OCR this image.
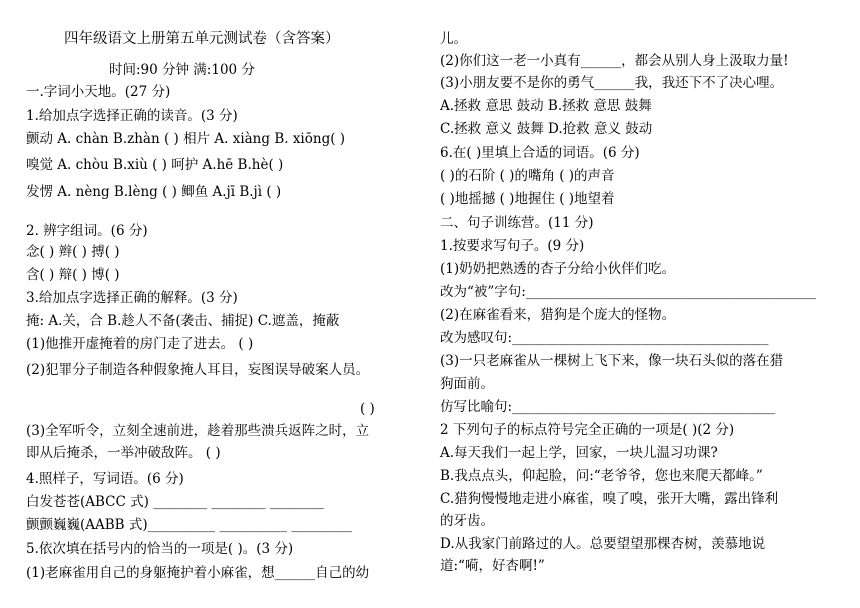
四年级语文上册第五单元测试卷（含答案）
时间:90 分钟 满:100 分
一.字词小天地。(27 分)
1.给加点字选择正确的读音。(3 分)
颤动 A. chàn B.zhàn ( ) 相片 A. xiàng B. xiōng( )
嗅觉 A. chòu B.xiù ( ) 呵护 A.hē B.hè( )
发愣 A. nèng B.lèng ( ) 鲫鱼 A.jī B.jì ( )
2. 辨字组词。(6 分)
念( ) 辫( ) 搏( )
含( ) 辩( ) 博( )
3.给加点字选择正确的解释。(3 分)
掩: A.关，合 B.趁人不备(袭击、捕捉) C.遮盖，掩蔽
(1)他推开虚掩着的房门走了进去。 ( )
(2)犯罪分子制造各种假象掩人耳目，妄图误导破案人员。
( )
(3)全军听令，立刻全速前进，趁着那些溃兵返阵之时，立
即从后掩杀，一举冲破敌阵。 ( )
4.照样子，写词语。(6 分)
白发苍苍(ABCC 式) ________ ________ ________
颤颤巍巍(AABB 式)__________ __________ _________
5.依次填在括号内的恰当的一项是( )。(3 分)
(1)老麻雀用自己的身躯掩护着小麻雀，想______自己的幼
儿。
(2)你们这一老一小真有______，都会从别人身上汲取力量!
(3)小朋友要不是你的勇气______我，我还下不了决心哩。
A.拯救 意思 鼓动 B.拯救 意思 鼓舞
C.拯救 意义 鼓舞 D.抢救 意义 鼓动
6.在( )里填上合适的词语。(6 分)
( )的石阶 ( )的嘴角 ( )的声音
( )地摇撼 ( )地握住 ( )地望着
二、句子训练营。(11 分)
1.按要求写句子。(9 分)
(1)奶奶把熟透的杏子分给小伙伴们吃。
改为“被”字句:___________________________________________
(2)在麻雀看来，猎狗是个庞大的怪物。
改为感叹句:______________________________________
(3)一只老麻雀从一棵树上飞下来，像一块石头似的落在猎
狗面前。
仿写比喻句:_______________________________________
2 下列句子的标点符号完全正确的一项是( )(2 分)
A.每天我们一起上学，回家，一块儿温习功课?
B.我点点头，仰起脸，问:“老爷爷，您也来爬天都峰。”
C.猎狗慢慢地走进小麻雀，嗅了嗅，张开大嘴，露出锋利
的牙齿。
D.从我家门前路过的人。总要望望那棵杏树，羡慕地说
道:“嗬，好杏啊!”
